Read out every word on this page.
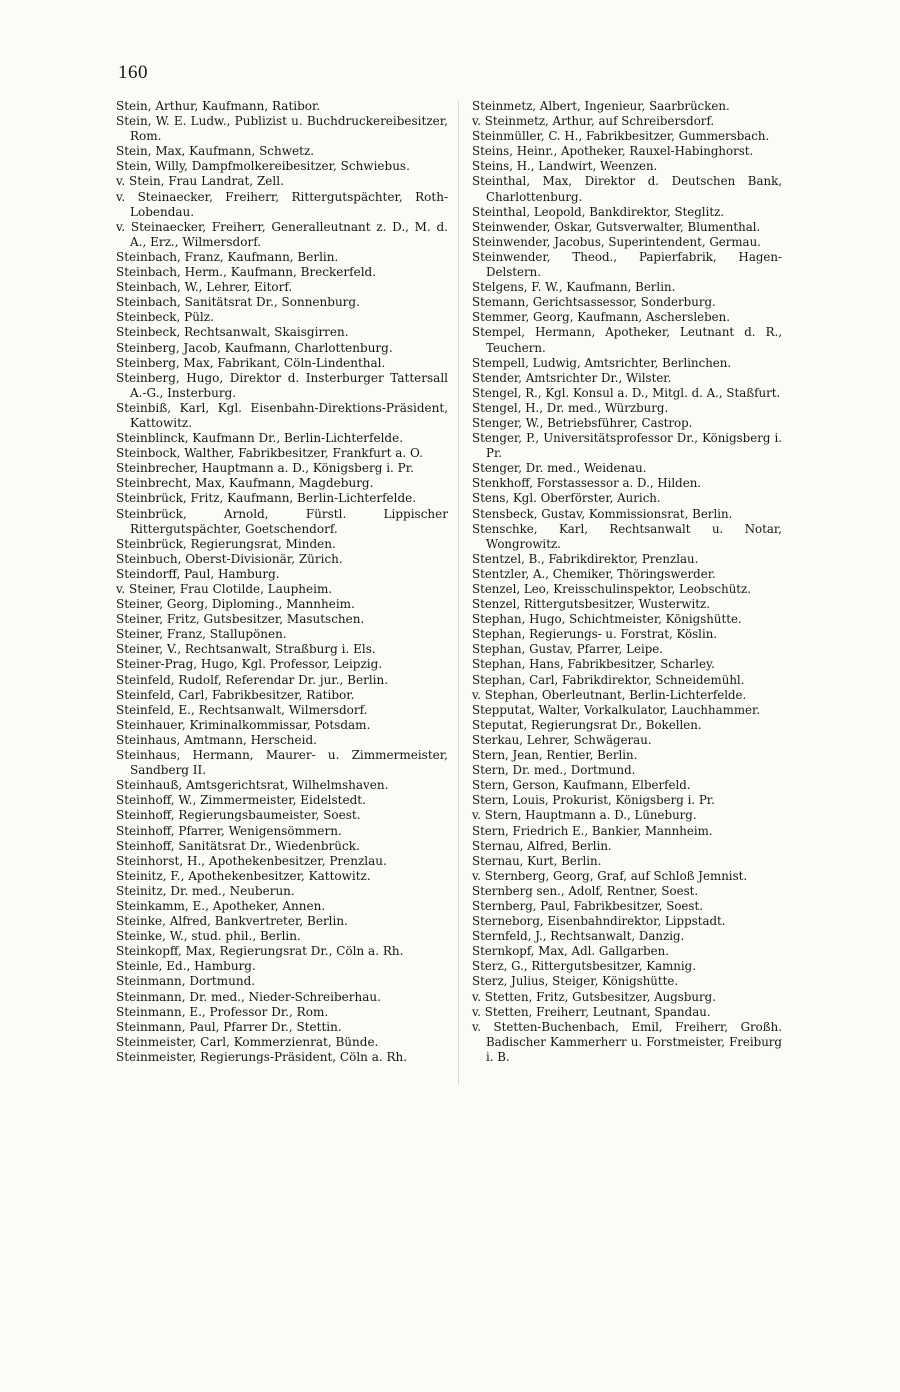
160
Stein, Arthur, Kaufmann, Ratibor.
Stein, W. E. Ludw., Publizist u. Buchdruckereibesitzer, Rom.
Stein, Max, Kaufmann, Schwetz.
Stein, Willy, Dampfmolkereibesitzer, Schwiebus.
v. Stein, Frau Landrat, Zell.
v. Steinaecker, Freiherr, Rittergutspächter, Roth-Lobendau.
v. Steinaecker, Freiherr, Generalleutnant z. D., M. d. A., Erz., Wilmersdorf.
Steinbach, Franz, Kaufmann, Berlin.
Steinbach, Herm., Kaufmann, Breckerfeld.
Steinbach, W., Lehrer, Eitorf.
Steinbach, Sanitätsrat Dr., Sonnenburg.
Steinbeck, Pülz.
Steinbeck, Rechtsanwalt, Skaisgirren.
Steinberg, Jacob, Kaufmann, Charlottenburg.
Steinberg, Max, Fabrikant, Cöln-Lindenthal.
Steinberg, Hugo, Direktor d. Insterburger Tattersall A.-G., Insterburg.
Steinbiß, Karl, Kgl. Eisenbahn-Direktions-Präsident, Kattowitz.
Steinblinck, Kaufmann Dr., Berlin-Lichterfelde.
Steinbock, Walther, Fabrikbesitzer, Frankfurt a. O.
Steinbrecher, Hauptmann a. D., Königsberg i. Pr.
Steinbrecht, Max, Kaufmann, Magdeburg.
Steinbrück, Fritz, Kaufmann, Berlin-Lichterfelde.
Steinbrück, Arnold, Fürstl. Lippischer Rittergutspächter, Goetschendorf.
Steinbrück, Regierungsrat, Minden.
Steinbuch, Oberst-Divisionär, Zürich.
Steindorff, Paul, Hamburg.
v. Steiner, Frau Clotilde, Laupheim.
Steiner, Georg, Diploming., Mannheim.
Steiner, Fritz, Gutsbesitzer, Masutschen.
Steiner, Franz, Stallupönen.
Steiner, V., Rechtsanwalt, Straßburg i. Els.
Steiner-Prag, Hugo, Kgl. Professor, Leipzig.
Steinfeld, Rudolf, Referendar Dr. jur., Berlin.
Steinfeld, Carl, Fabrikbesitzer, Ratibor.
Steinfeld, E., Rechtsanwalt, Wilmersdorf.
Steinhauer, Kriminalkommissar, Potsdam.
Steinhaus, Amtmann, Herscheid.
Steinhaus, Hermann, Maurer- u. Zimmermeister, Sandberg II.
Steinhauß, Amtsgerichtsrat, Wilhelmshaven.
Steinhoff, W., Zimmermeister, Eidelstedt.
Steinhoff, Regierungsbaumeister, Soest.
Steinhoff, Pfarrer, Wenigensömmern.
Steinhoff, Sanitätsrat Dr., Wiedenbrück.
Steinhorst, H., Apothekenbesitzer, Prenzlau.
Steinitz, F., Apothekenbesitzer, Kattowitz.
Steinitz, Dr. med., Neuberun.
Steinkamm, E., Apotheker, Annen.
Steinke, Alfred, Bankvertreter, Berlin.
Steinke, W., stud. phil., Berlin.
Steinkopff, Max, Regierungsrat Dr., Cöln a. Rh.
Steinle, Ed., Hamburg.
Steinmann, Dortmund.
Steinmann, Dr. med., Nieder-Schreiberhau.
Steinmann, E., Professor Dr., Rom.
Steinmann, Paul, Pfarrer Dr., Stettin.
Steinmeister, Carl, Kommerzienrat, Bünde.
Steinmeister, Regierungs-Präsident, Cöln a. Rh.
Steinmetz, Albert, Ingenieur, Saarbrücken.
v. Steinmetz, Arthur, auf Schreibersdorf.
Steinmüller, C. H., Fabrikbesitzer, Gummersbach.
Steins, Heinr., Apotheker, Rauxel-Habinghorst.
Steins, H., Landwirt, Weenzen.
Steinthal, Max, Direktor d. Deutschen Bank, Charlottenburg.
Steinthal, Leopold, Bankdirektor, Steglitz.
Steinwender, Oskar, Gutsverwalter, Blumenthal.
Steinwender, Jacobus, Superintendent, Germau.
Steinwender, Theod., Papierfabrik, Hagen-Delstern.
Stelgens, F. W., Kaufmann, Berlin.
Stemann, Gerichtsassessor, Sonderburg.
Stemmer, Georg, Kaufmann, Aschersleben.
Stempel, Hermann, Apotheker, Leutnant d. R., Teuchern.
Stempell, Ludwig, Amtsrichter, Berlinchen.
Stender, Amtsrichter Dr., Wilster.
Stengel, R., Kgl. Konsul a. D., Mitgl. d. A., Staßfurt.
Stengel, H., Dr. med., Würzburg.
Stenger, W., Betriebsführer, Castrop.
Stenger, P., Universitätsprofessor Dr., Königsberg i. Pr.
Stenger, Dr. med., Weidenau.
Stenkhoff, Forstassessor a. D., Hilden.
Stens, Kgl. Oberförster, Aurich.
Stensbeck, Gustav, Kommissionsrat, Berlin.
Stenschke, Karl, Rechtsanwalt u. Notar, Wongrowitz.
Stentzel, B., Fabrikdirektor, Prenzlau.
Stentzler, A., Chemiker, Thöringswerder.
Stenzel, Leo, Kreisschulinspektor, Leobschütz.
Stenzel, Rittergutsbesitzer, Wusterwitz.
Stephan, Hugo, Schichtmeister, Königshütte.
Stephan, Regierungs- u. Forstrat, Köslin.
Stephan, Gustav, Pfarrer, Leipe.
Stephan, Hans, Fabrikbesitzer, Scharley.
Stephan, Carl, Fabrikdirektor, Schneidemühl.
v. Stephan, Oberleutnant, Berlin-Lichterfelde.
Stepputat, Walter, Vorkalkulator, Lauchhammer.
Steputat, Regierungsrat Dr., Bokellen.
Sterkau, Lehrer, Schwägerau.
Stern, Jean, Rentier, Berlin.
Stern, Dr. med., Dortmund.
Stern, Gerson, Kaufmann, Elberfeld.
Stern, Louis, Prokurist, Königsberg i. Pr.
v. Stern, Hauptmann a. D., Lüneburg.
Stern, Friedrich E., Bankier, Mannheim.
Sternau, Alfred, Berlin.
Sternau, Kurt, Berlin.
v. Sternberg, Georg, Graf, auf Schloß Jemnist.
Sternberg sen., Adolf, Rentner, Soest.
Sternberg, Paul, Fabrikbesitzer, Soest.
Sterneborg, Eisenbahndirektor, Lippstadt.
Sternfeld, J., Rechtsanwalt, Danzig.
Sternkopf, Max, Adl. Gallgarben.
Sterz, G., Rittergutsbesitzer, Kamnig.
Sterz, Julius, Steiger, Königshütte.
v. Stetten, Fritz, Gutsbesitzer, Augsburg.
v. Stetten, Freiherr, Leutnant, Spandau.
v. Stetten-Buchenbach, Emil, Freiherr, Großh. Badischer Kammerherr u. Forstmeister, Freiburg i. B.
